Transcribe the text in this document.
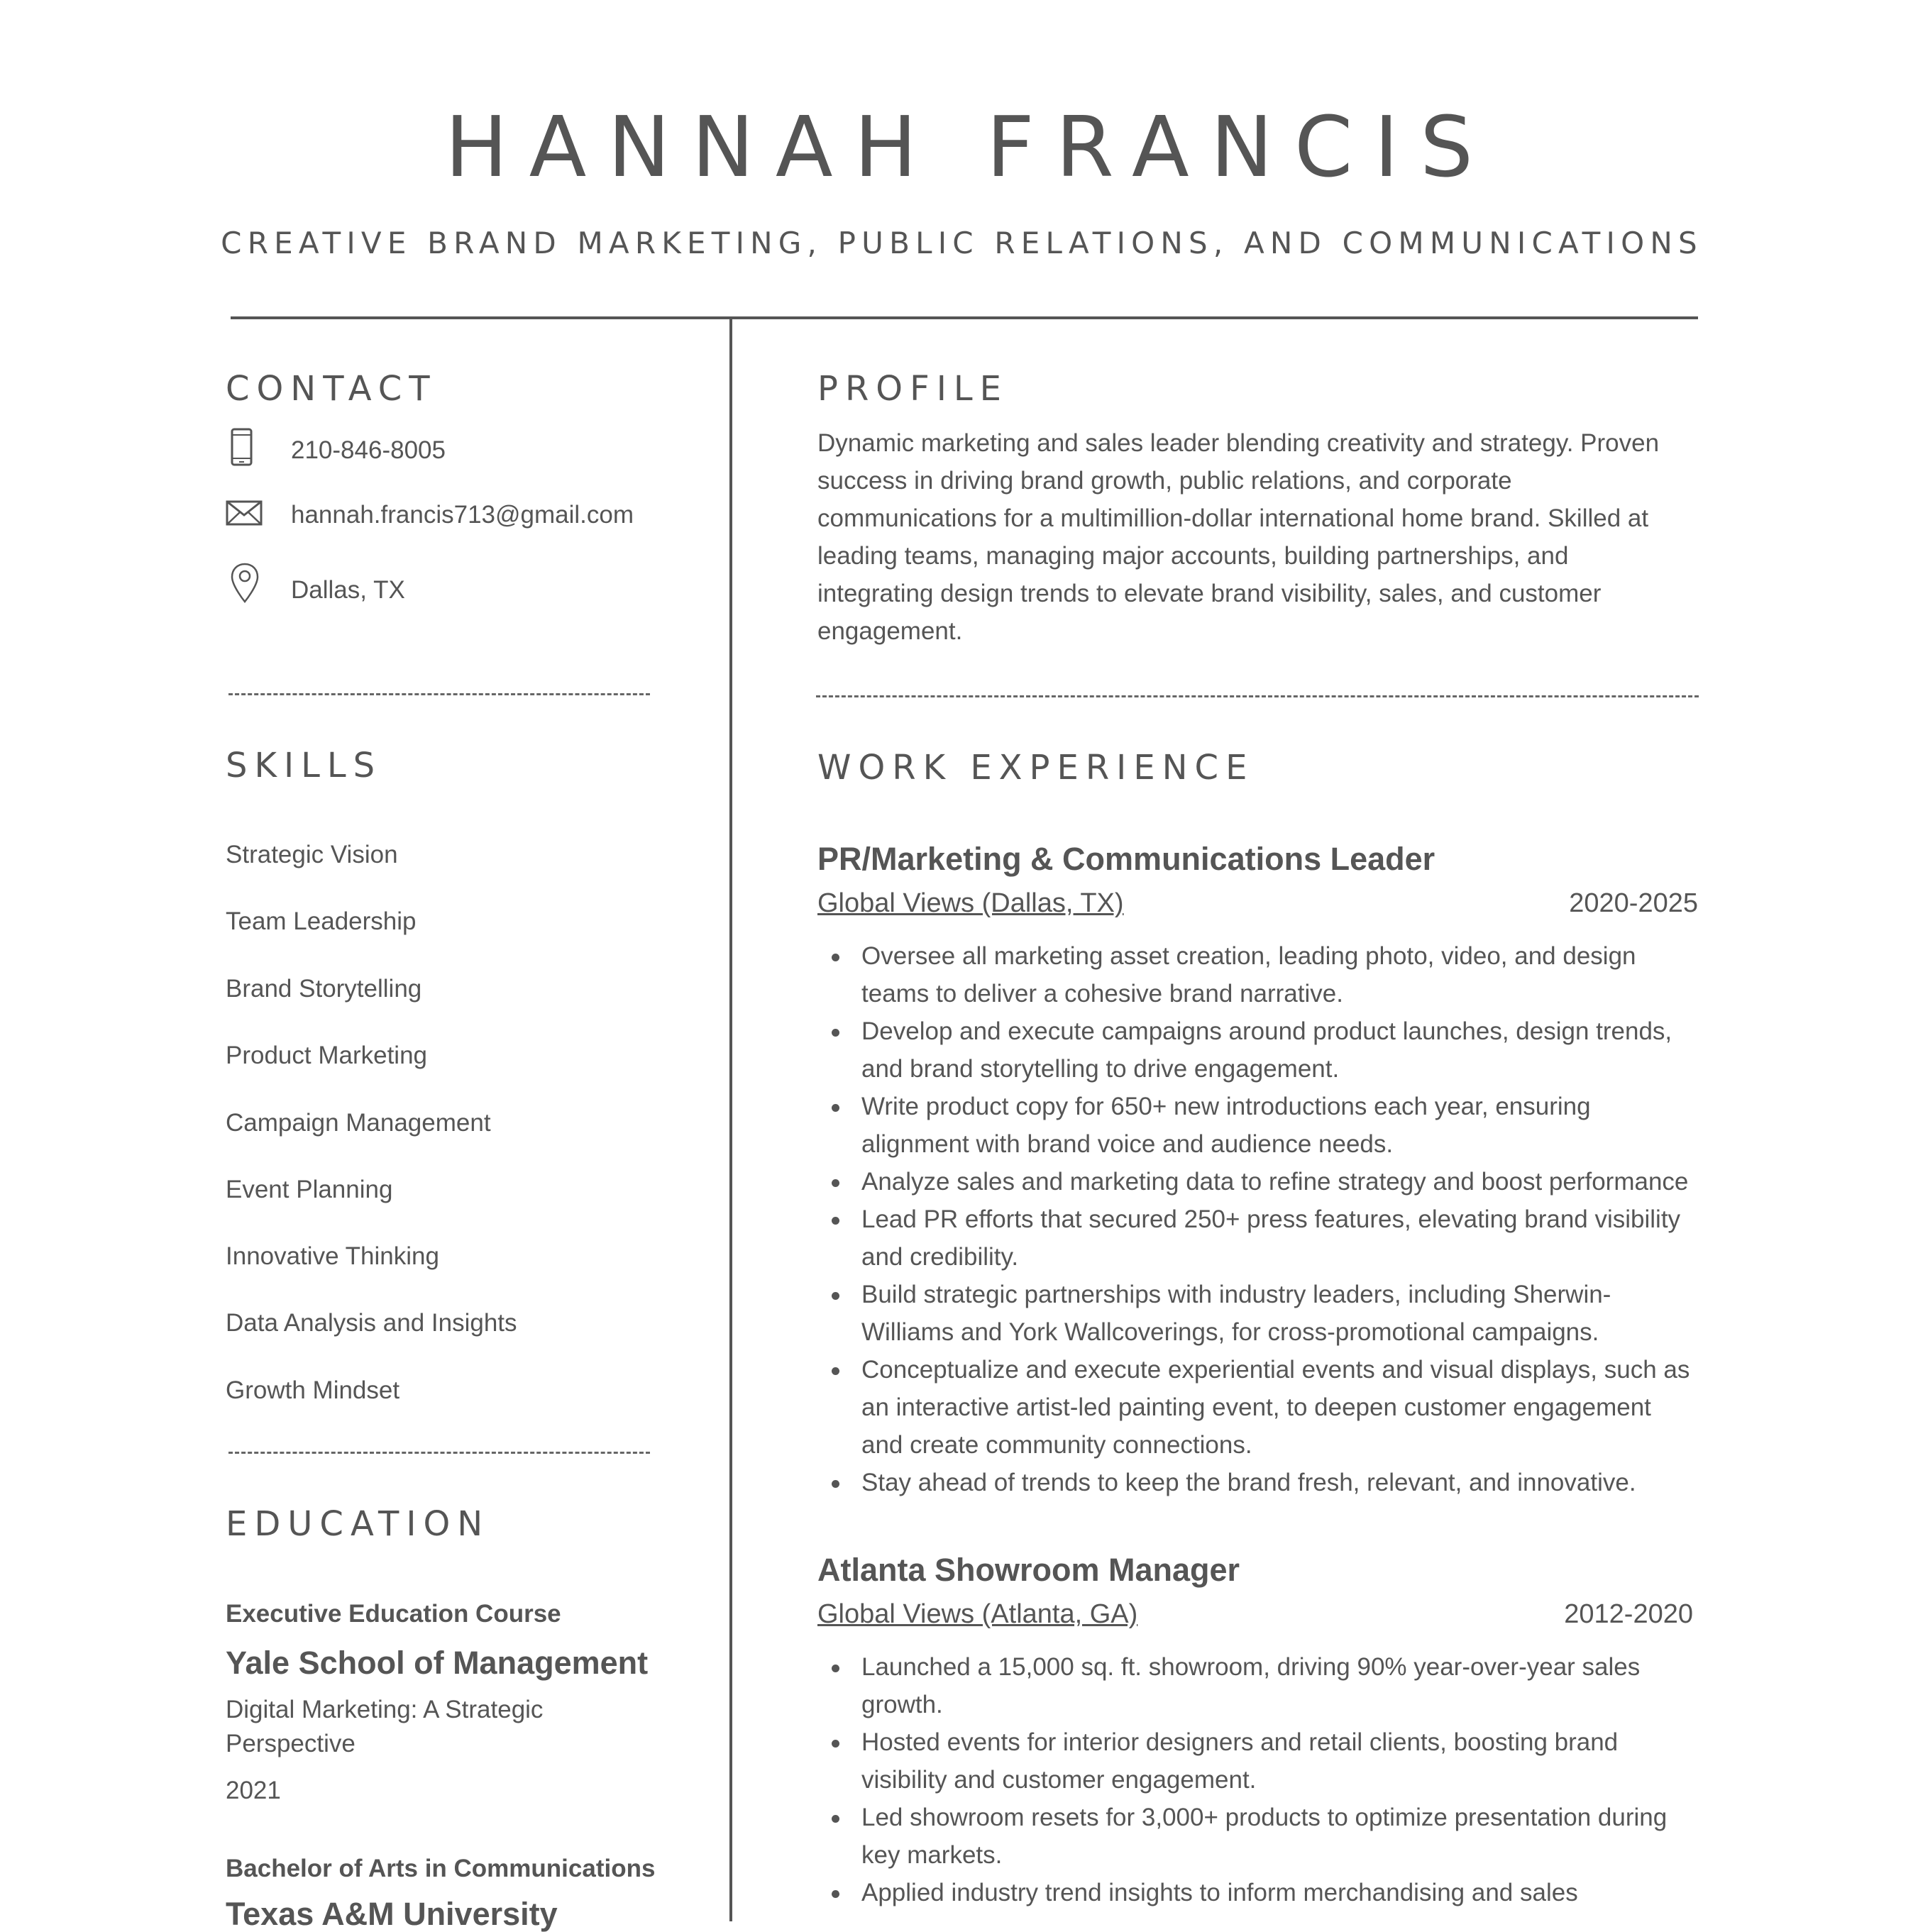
HANNAH FRANCIS
CREATIVE BRAND MARKETING, PUBLIC RELATIONS, AND COMMUNICATIONS
CONTACT
210-846-8005
hannah.francis713@gmail.com
Dallas, TX
SKILLS
Strategic Vision
Team Leadership
Brand Storytelling
Product Marketing
Campaign Management
Event Planning
Innovative Thinking
Data Analysis and Insights
Growth Mindset
EDUCATION
Executive Education Course
Yale School of Management
Digital Marketing: A Strategic
Perspective
2021
Bachelor of Arts in Communications
Texas A&M University
PROFILE
Dynamic marketing and sales leader blending creativity and strategy. Proven
success in driving brand growth, public relations, and corporate
communications for a multimillion-dollar international home brand. Skilled at
leading teams, managing major accounts, building partnerships, and
integrating design trends to elevate brand visibility, sales, and customer
engagement.
WORK EXPERIENCE
PR/Marketing & Communications Leader
Global Views (Dallas, TX)	2020-2025
Oversee all marketing asset creation, leading photo, video, and design
teams to deliver a cohesive brand narrative.
Develop and execute campaigns around product launches, design trends,
and brand storytelling to drive engagement.
Write product copy for 650+ new introductions each year, ensuring
alignment with brand voice and audience needs.
Analyze sales and marketing data to refine strategy and boost performance
Lead PR efforts that secured 250+ press features, elevating brand visibility
and credibility.
Build strategic partnerships with industry leaders, including Sherwin-
Williams and York Wallcoverings, for cross-promotional campaigns.
Conceptualize and execute experiential events and visual displays, such as
an interactive artist-led painting event, to deepen customer engagement
and create community connections.
Stay ahead of trends to keep the brand fresh, relevant, and innovative.
Atlanta Showroom Manager
Global Views (Atlanta, GA)	2012-2020
Launched a 15,000 sq. ft. showroom, driving 90% year-over-year sales
growth.
Hosted events for interior designers and retail clients, boosting brand
visibility and customer engagement.
Led showroom resets for 3,000+ products to optimize presentation during
key markets.
Applied industry trend insights to inform merchandising and sales
